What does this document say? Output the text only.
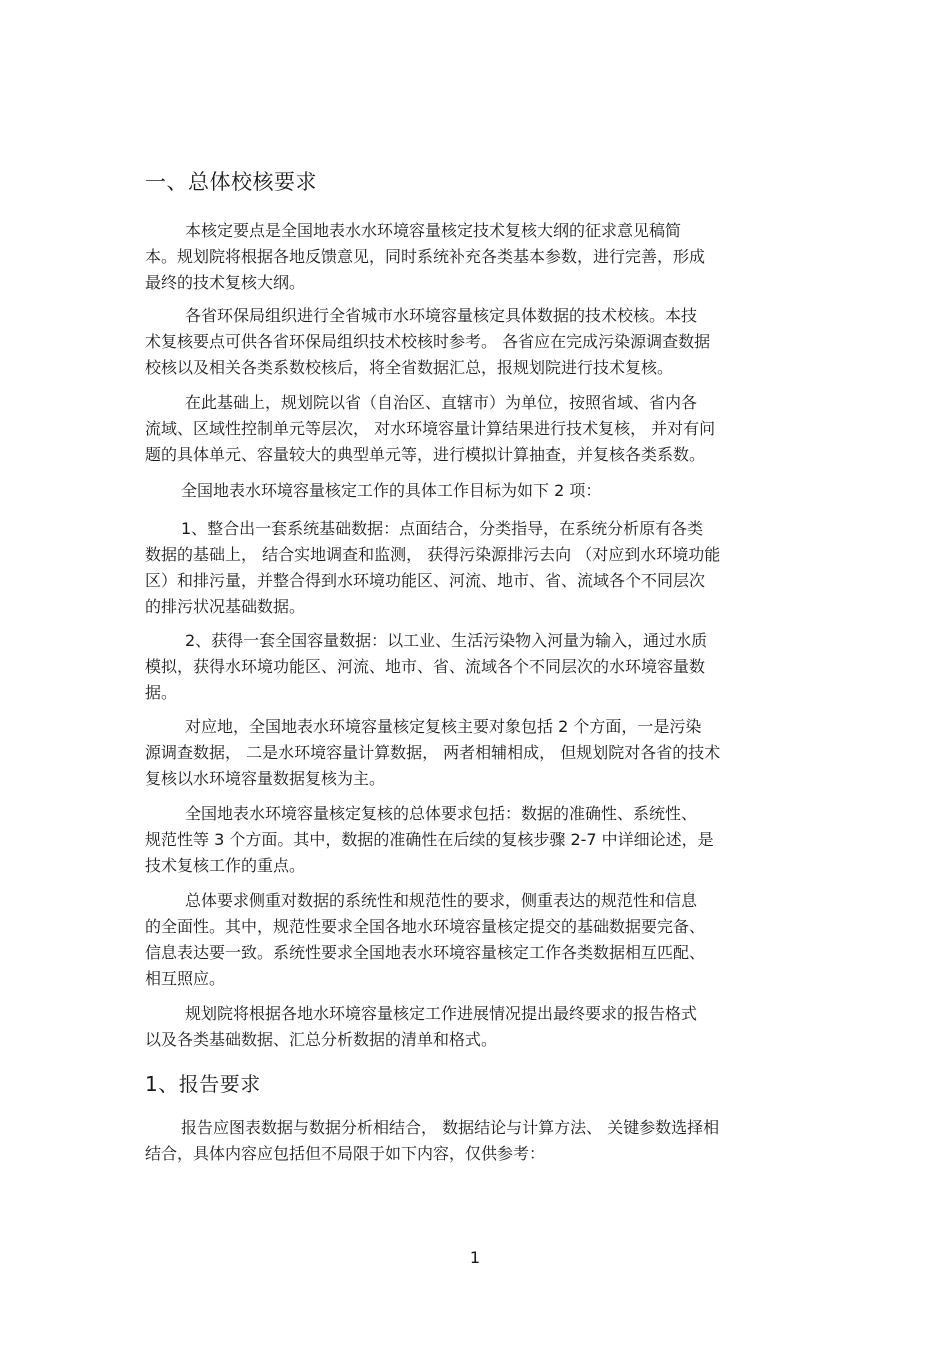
一、总体校核要求
本核定要点是全国地表水水环境容量核定技术复核大纲的征求意见稿简
本。规划院将根据各地反馈意见，同时系统补充各类基本参数，进行完善，形成
最终的技术复核大纲。
各省环保局组织进行全省城市水环境容量核定具体数据的技术校核。本技
术复核要点可供各省环保局组织技术校核时参考。 各省应在完成污染源调查数据
校核以及相关各类系数校核后，将全省数据汇总，报规划院进行技术复核。
在此基础上，规划院以省（自治区、直辖市）为单位，按照省域、省内各
流域、区域性控制单元等层次， 对水环境容量计算结果进行技术复核， 并对有问
题的具体单元、容量较大的典型单元等，进行模拟计算抽查，并复核各类系数。
全国地表水环境容量核定工作的具体工作目标为如下 2 项：
1、整合出一套系统基础数据：点面结合，分类指导，在系统分析原有各类
数据的基础上， 结合实地调查和监测， 获得污染源排污去向 （对应到水环境功能
区）和排污量，并整合得到水环境功能区、河流、地市、省、流域各个不同层次
的排污状况基础数据。
2、获得一套全国容量数据：以工业、生活污染物入河量为输入，通过水质
模拟，获得水环境功能区、河流、地市、省、流域各个不同层次的水环境容量数
据。
对应地，全国地表水环境容量核定复核主要对象包括 2 个方面，一是污染
源调查数据， 二是水环境容量计算数据， 两者相辅相成， 但规划院对各省的技术
复核以水环境容量数据复核为主。
全国地表水环境容量核定复核的总体要求包括：数据的准确性、系统性、
规范性等 3 个方面。其中，数据的准确性在后续的复核步骤 2-7 中详细论述，是
技术复核工作的重点。
总体要求侧重对数据的系统性和规范性的要求，侧重表达的规范性和信息
的全面性。其中，规范性要求全国各地水环境容量核定提交的基础数据要完备、
信息表达要一致。系统性要求全国地表水环境容量核定工作各类数据相互匹配、
相互照应。
规划院将根据各地水环境容量核定工作进展情况提出最终要求的报告格式
以及各类基础数据、汇总分析数据的清单和格式。
1、报告要求
报告应图表数据与数据分析相结合， 数据结论与计算方法、 关键参数选择相
结合，具体内容应包括但不局限于如下内容，仅供参考：
1
